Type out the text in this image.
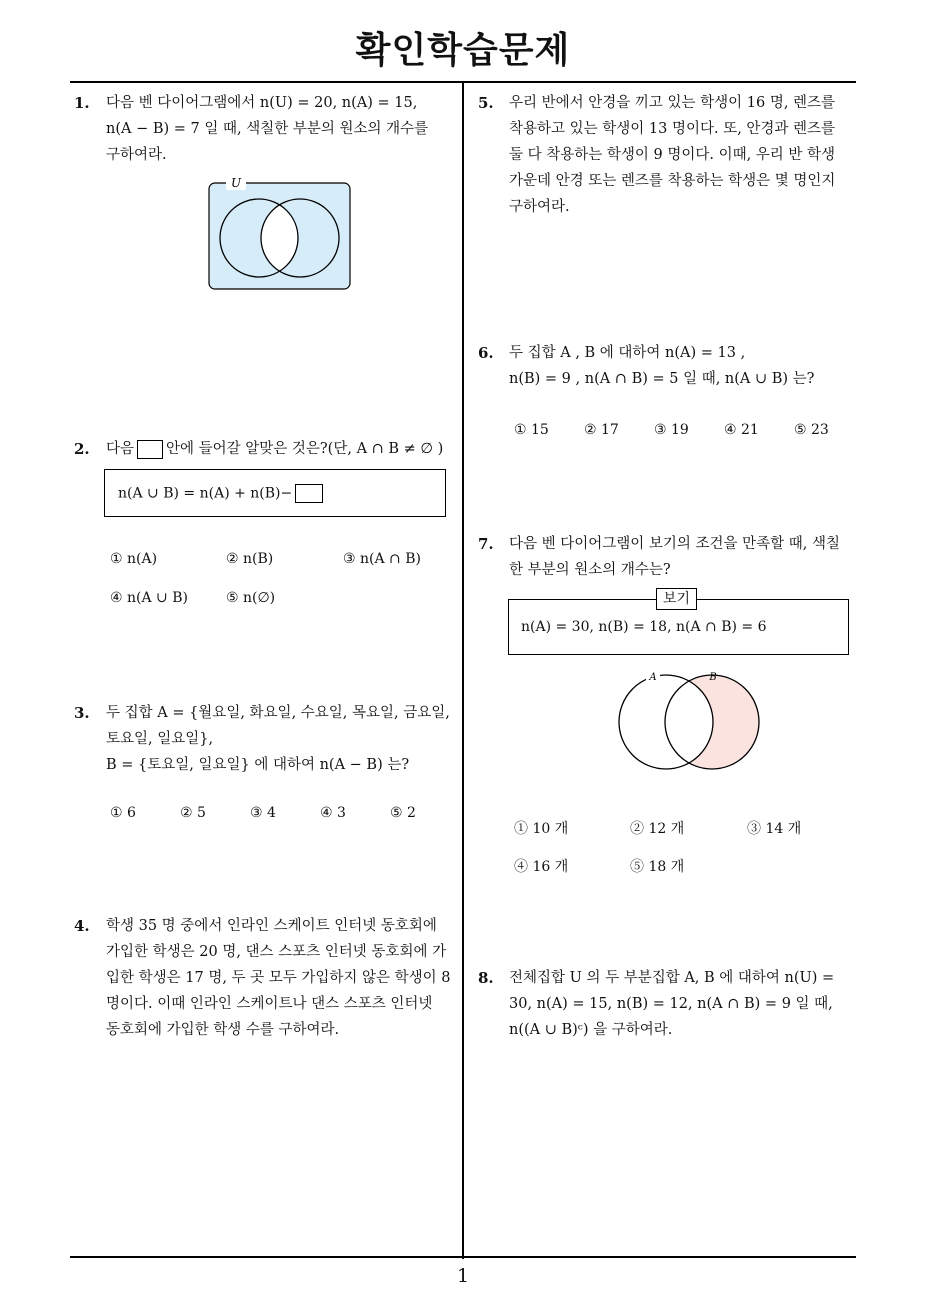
확인학습문제
1
1. 다음 벤 다이어그램에서 n(U) = 20, n(A) = 15,
n(A − B) = 7 일 때, 색칠한 부분의 원소의 개수를
구하여라.
U
2. 다음 안에 들어갈 알맞은 것은?(단, A ∩ B ≠ ∅ )
n(A ∪ B) = n(A) + n(B)−
① n(A)	② n(B)	③ n(A ∩ B)
④ n(A ∪ B)	⑤ n(∅)
3. 두 집합 A = {월요일, 화요일, 수요일, 목요일, 금요일,
토요일, 일요일},
B = {토요일, 일요일} 에 대하여 n(A − B) 는?
① 6	② 5	③ 4	④ 3	⑤ 2
4. 학생 35 명 중에서 인라인 스케이트 인터넷 동호회에
가입한 학생은 20 명, 댄스 스포츠 인터넷 동호회에 가
입한 학생은 17 명, 두 곳 모두 가입하지 않은 학생이 8
명이다. 이때 인라인 스케이트나 댄스 스포츠 인터넷
동호회에 가입한 학생 수를 구하여라.
5. 우리 반에서 안경을 끼고 있는 학생이 16 명, 렌즈를
착용하고 있는 학생이 13 명이다. 또, 안경과 렌즈를
둘 다 착용하는 학생이 9 명이다. 이때, 우리 반 학생
가운데 안경 또는 렌즈를 착용하는 학생은 몇 명인지
구하여라.
6. 두 집합 A , B 에 대하여 n(A) = 13 ,
n(B) = 9 , n(A ∩ B) = 5 일 때, n(A ∪ B) 는?
① 15	② 17	③ 19	④ 21	⑤ 23
7. 다음 벤 다이어그램이 보기의 조건을 만족할 때, 색칠
한 부분의 원소의 개수는?
보기
n(A) = 30, n(B) = 18, n(A ∩ B) = 6
A	B
① 10 개	② 12 개	③ 14 개
④ 16 개	⑤ 18 개
8. 전체집합 U 의 두 부분집합 A, B 에 대하여 n(U) =
30, n(A) = 15, n(B) = 12, n(A ∩ B) = 9 일 때,
n((A ∪ B)ᶜ) 을 구하여라.
